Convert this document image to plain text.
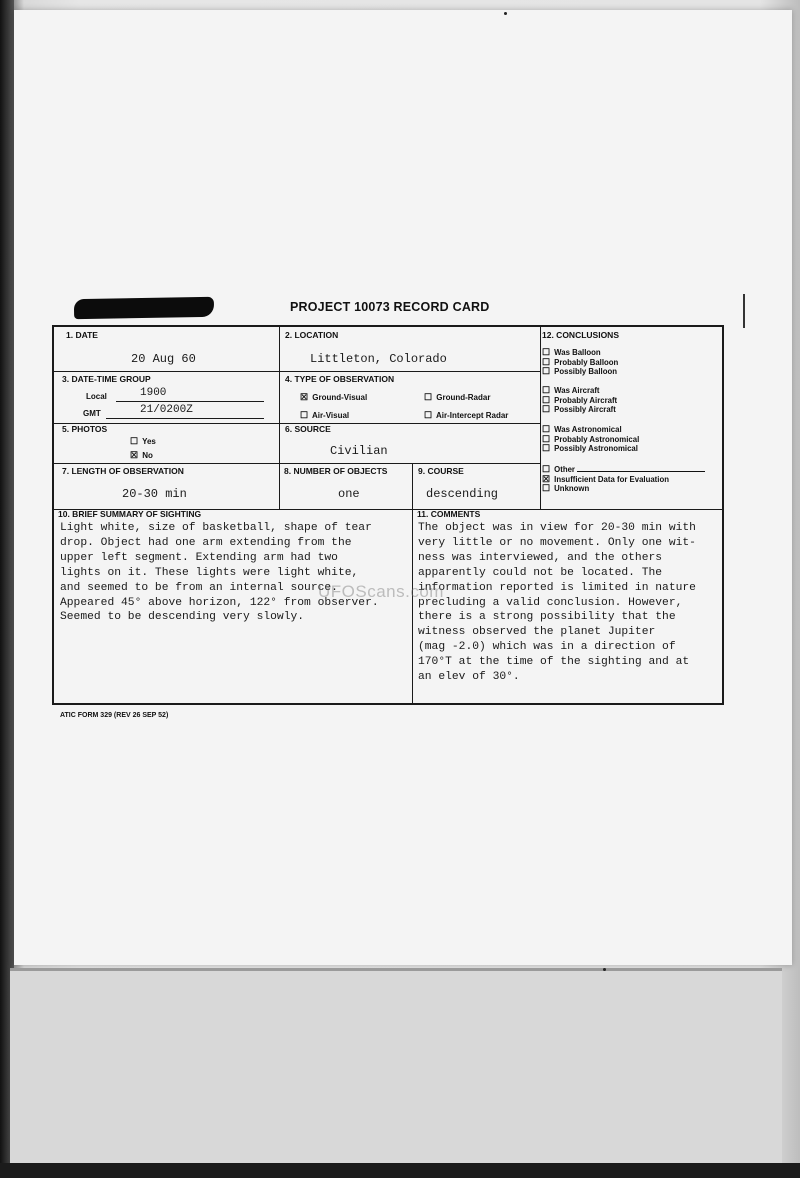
PROJECT 10073 RECORD CARD
1. DATE
20 Aug 60
2. LOCATION
Littleton, Colorado
3. DATE-TIME GROUP
Local	1900
GMT	21/0200Z
4. TYPE OF OBSERVATION
☒ Ground-Visual	☐ Ground-Radar
☐ Air-Visual	☐ Air-Intercept Radar
5. PHOTOS
☐ Yes
☒ No
6. SOURCE
Civilian
7. LENGTH OF OBSERVATION
20-30 min
8. NUMBER OF OBJECTS
one
9. COURSE
descending
12. CONCLUSIONS
☐ Was Balloon
☐ Probably Balloon
☐ Possibly Balloon
☐ Was Aircraft
☐ Probably Aircraft
☐ Possibly Aircraft
☐ Was Astronomical
☐ Probably Astronomical
☐ Possibly Astronomical
☐ Other
☒ Insufficient Data for Evaluation
☐ Unknown
10. BRIEF SUMMARY OF SIGHTING
Light white, size of basketball, shape of tear
drop. Object had one arm extending from the
upper left segment. Extending arm had two
lights on it. These lights were light white,
and seemed to be from an internal source.
Appeared 45° above horizon, 122° from observer.
Seemed to be descending very slowly.
11. COMMENTS
The object was in view for 20-30 min with
very little or no movement. Only one wit-
ness was interviewed, and the others
apparently could not be located. The
information reported is limited in nature
precluding a valid conclusion. However,
there is a strong possibility that the
witness observed the planet Jupiter
(mag -2.0) which was in a direction of
170°T at the time of the sighting and at
an elev of 30°.
UFOScans.com
ATIC FORM 329 (REV 26 SEP 52)
